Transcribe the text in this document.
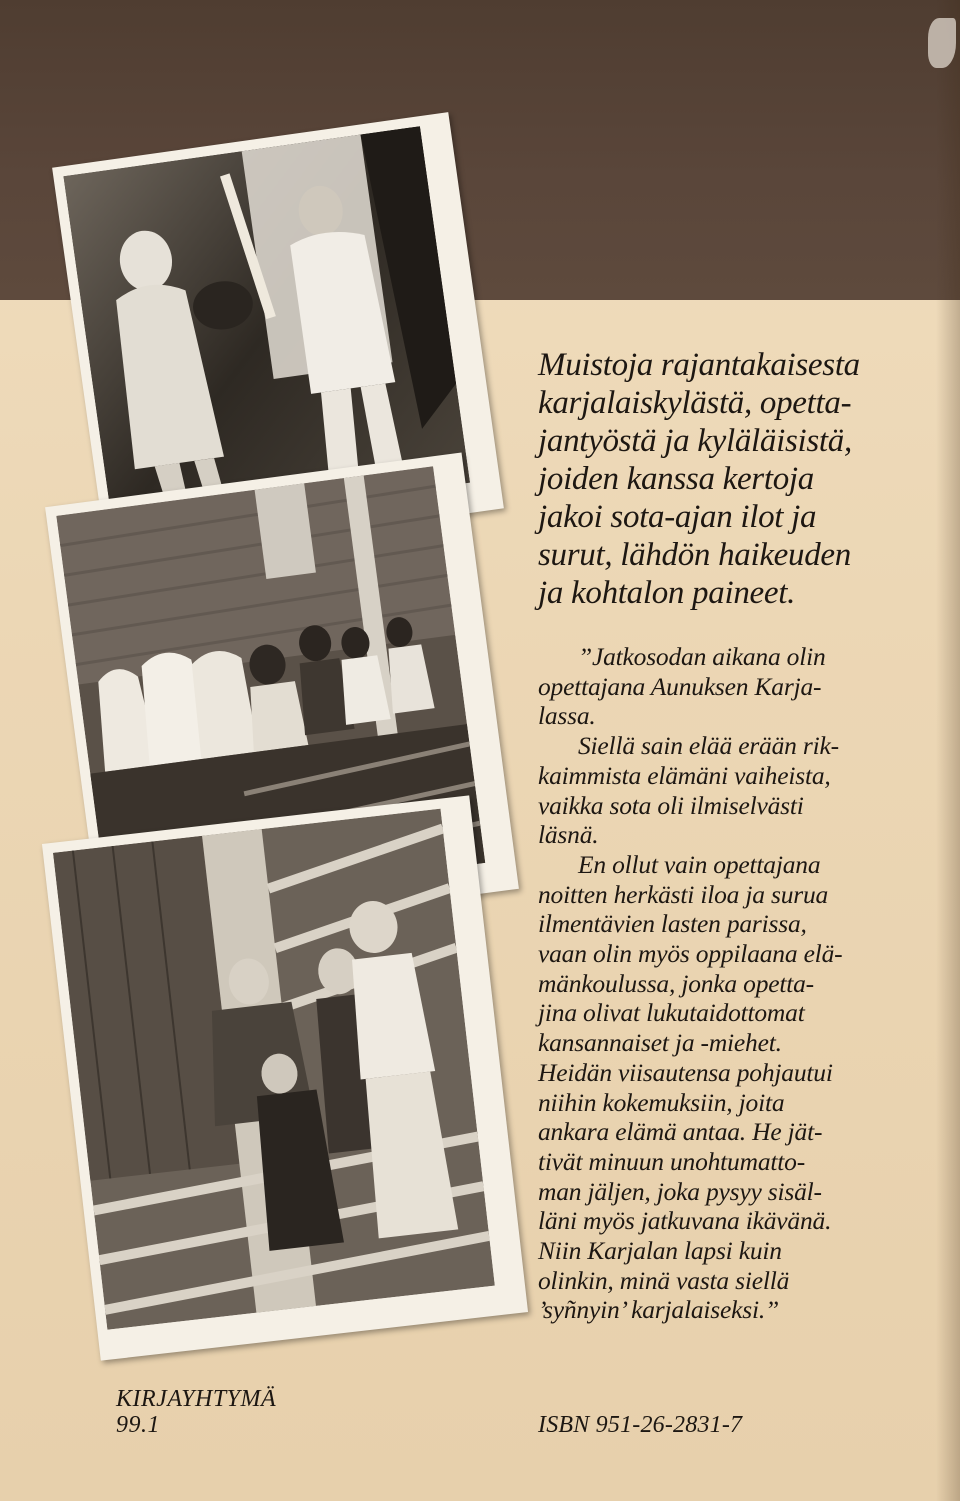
Muistoja rajantakaisesta
karjalaiskylästä, opetta-
jantyöstä ja kyläläisistä,
joiden kanssa kertoja
jakoi sota-ajan ilot ja
surut, lähdön haikeuden
ja kohtalon paineet.

”Jatkosodan aikana olin
opettajana Aunuksen Karja-
lassa.
Siellä sain elää erään rik-
kaimmista elämäni vaiheista,
vaikka sota oli ilmiselvästi
läsnä.
En ollut vain opettajana
noitten herkästi iloa ja surua
ilmentävien lasten parissa,
vaan olin myös oppilaana elä-
mänkoulussa, jonka opetta-
jina olivat lukutaidottomat
kansannaiset ja -miehet.
Heidän viisautensa pohjautui
niihin kokemuksiin, joita
ankara elämä antaa. He jät-
tivät minuun unohtumatto-
man jäljen, joka pysyy sisäl-
läni myös jatkuvana ikävänä.
Niin Karjalan lapsi kuin
olinkin, minä vasta siellä
’syñnyin’ karjalaiseksi.”
KIRJAYHTYMÄ
99.1	ISBN 951-26-2831-7
